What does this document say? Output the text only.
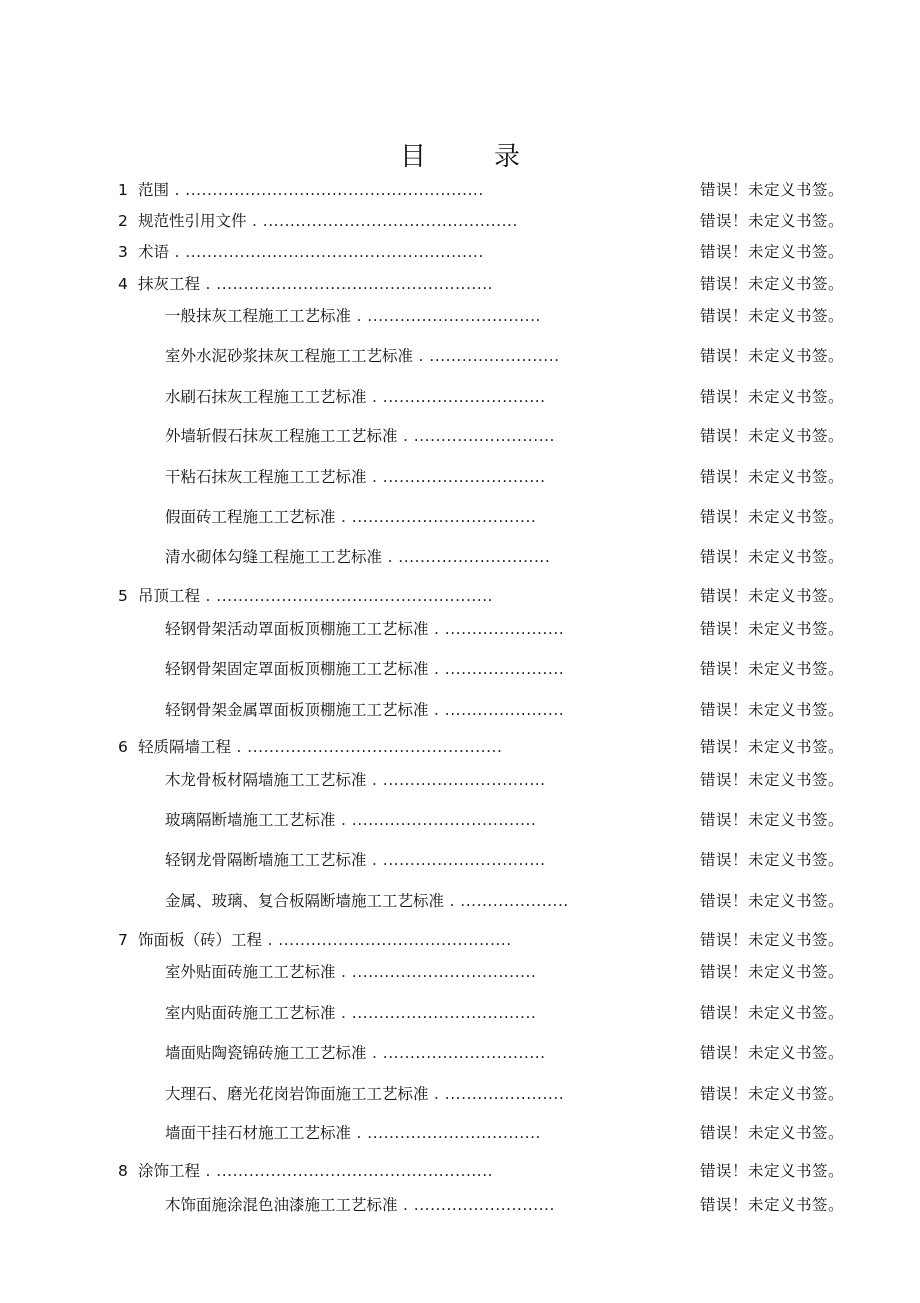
目	录
1 范围 . .......................................................	错误！未定义书签。
2 规范性引用文件 . ...............................................	错误！未定义书签。
3 术语 . .......................................................	错误！未定义书签。
4 抹灰工程 . ...................................................	错误！未定义书签。
一般抹灰工程施工工艺标准 . ................................	错误！未定义书签。
室外水泥砂浆抹灰工程施工工艺标准 . ........................	错误！未定义书签。
水刷石抹灰工程施工工艺标准 . ..............................	错误！未定义书签。
外墙斩假石抹灰工程施工工艺标准 . ..........................	错误！未定义书签。
干粘石抹灰工程施工工艺标准 . ..............................	错误！未定义书签。
假面砖工程施工工艺标准 . ..................................	错误！未定义书签。
清水砌体勾缝工程施工工艺标准 . ............................	错误！未定义书签。
5 吊顶工程 . ...................................................	错误！未定义书签。
轻钢骨架活动罩面板顶棚施工工艺标准 . ......................	错误！未定义书签。
轻钢骨架固定罩面板顶棚施工工艺标准 . ......................	错误！未定义书签。
轻钢骨架金属罩面板顶棚施工工艺标准 . ......................	错误！未定义书签。
6 轻质隔墙工程 . ...............................................	错误！未定义书签。
木龙骨板材隔墙施工工艺标准 . ..............................	错误！未定义书签。
玻璃隔断墙施工工艺标准 . ..................................	错误！未定义书签。
轻钢龙骨隔断墙施工工艺标准 . ..............................	错误！未定义书签。
金属、玻璃、复合板隔断墙施工工艺标准 . ....................	错误！未定义书签。
7 饰面板（砖）工程 . ...........................................	错误！未定义书签。
室外贴面砖施工工艺标准 . ..................................	错误！未定义书签。
室内贴面砖施工工艺标准 . ..................................	错误！未定义书签。
墙面贴陶瓷锦砖施工工艺标准 . ..............................	错误！未定义书签。
大理石、磨光花岗岩饰面施工工艺标准 . ......................	错误！未定义书签。
墙面干挂石材施工工艺标准 . ................................	错误！未定义书签。
8 涂饰工程 . ...................................................	错误！未定义书签。
木饰面施涂混色油漆施工工艺标准 . ..........................	错误！未定义书签。
